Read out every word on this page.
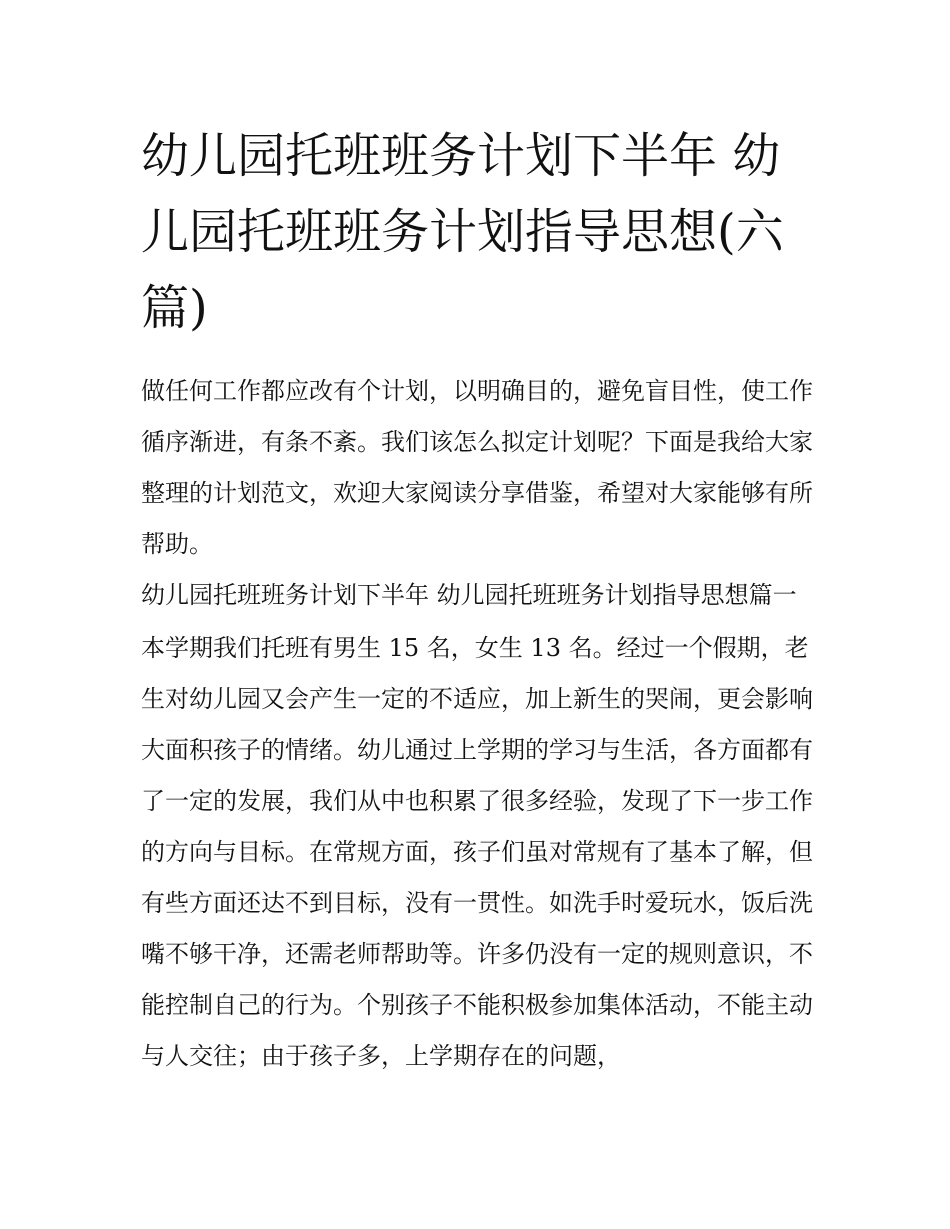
幼儿园托班班务计划下半年 幼儿园托班班务计划指导思想(六篇)

做任何工作都应改有个计划，以明确目的，避免盲目性，使工作循序渐进，有条不紊。我们该怎么拟定计划呢？下面是我给大家整理的计划范文，欢迎大家阅读分享借鉴，希望对大家能够有所帮助。

幼儿园托班班务计划下半年 幼儿园托班班务计划指导思想篇一

本学期我们托班有男生 15 名，女生 13 名。经过一个假期，老生对幼儿园又会产生一定的不适应，加上新生的哭闹，更会影响大面积孩子的情绪。幼儿通过上学期的学习与生活，各方面都有了一定的发展，我们从中也积累了很多经验，发现了下一步工作的方向与目标。在常规方面，孩子们虽对常规有了基本了解，但有些方面还达不到目标，没有一贯性。如洗手时爱玩水，饭后洗嘴不够干净，还需老师帮助等。许多仍没有一定的规则意识，不能控制自己的行为。个别孩子不能积极参加集体活动，不能主动与人交往；由于孩子多，上学期存在的问题，
